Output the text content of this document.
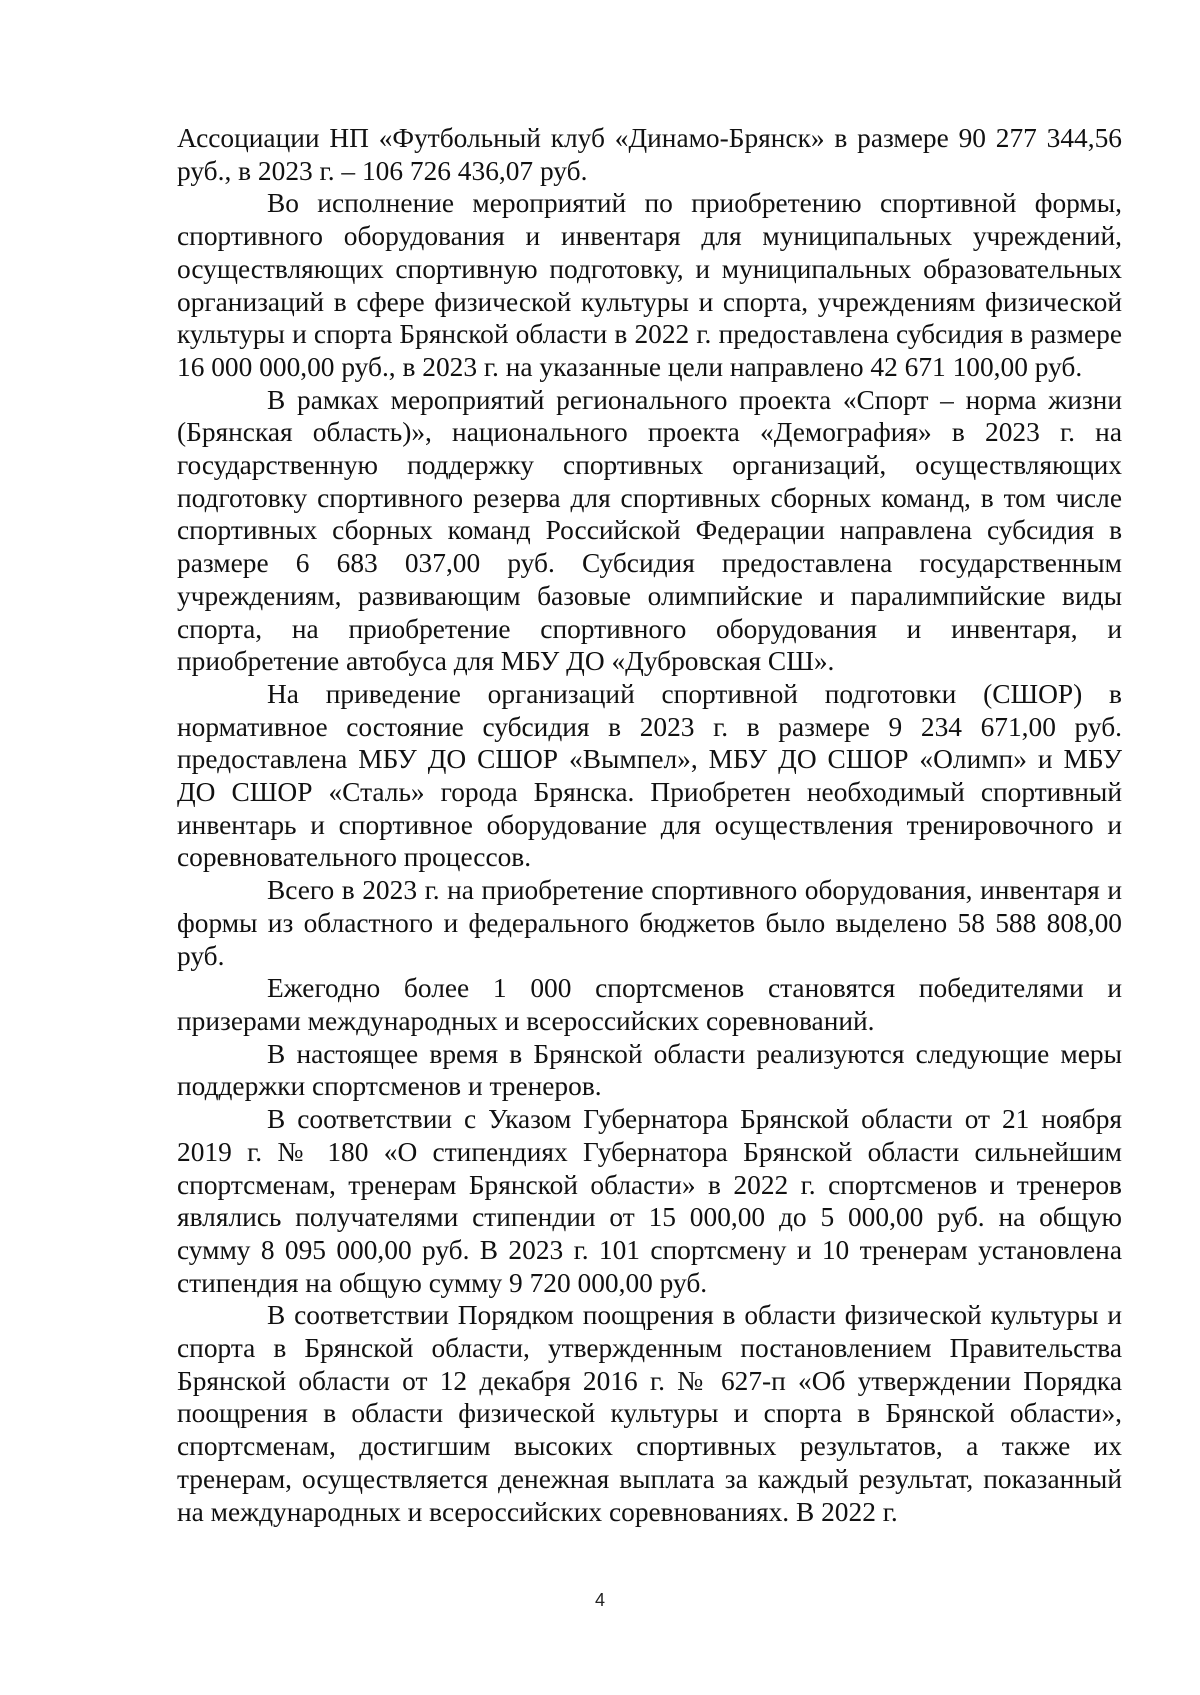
Ассоциации НП «Футбольный клуб «Динамо-Брянск» в размере 90 277 344,56 руб., в 2023 г. – 106 726 436,07 руб.

Во исполнение мероприятий по приобретению спортивной формы, спортивного оборудования и инвентаря для муниципальных учреждений, осуществляющих спортивную подготовку, и муниципальных образовательных организаций в сфере физической культуры и спорта, учреждениям физической культуры и спорта Брянской области в 2022 г. предоставлена субсидия в размере 16 000 000,00 руб., в 2023 г. на указанные цели направлено 42 671 100,00 руб.

В рамках мероприятий регионального проекта «Спорт – норма жизни (Брянская область)», национального проекта «Демография» в 2023 г. на государственную поддержку спортивных организаций, осуществляющих подготовку спортивного резерва для спортивных сборных команд, в том числе спортивных сборных команд Российской Федерации направлена субсидия в размере 6 683 037,00 руб. Субсидия предоставлена государственным учреждениям, развивающим базовые олимпийские и паралимпийские виды спорта, на приобретение спортивного оборудования и инвентаря, и приобретение автобуса для МБУ ДО «Дубровская СШ».

На приведение организаций спортивной подготовки (СШОР) в нормативное состояние субсидия в 2023 г. в размере 9 234 671,00 руб. предоставлена МБУ ДО СШОР «Вымпел», МБУ ДО СШОР «Олимп» и МБУ ДО СШОР «Сталь» города Брянска. Приобретен необходимый спортивный инвентарь и спортивное оборудование для осуществления тренировочного и соревновательного процессов.

Всего в 2023 г. на приобретение спортивного оборудования, инвентаря и формы из областного и федерального бюджетов было выделено 58 588 808,00 руб.

Ежегодно более 1 000 спортсменов становятся победителями и призерами международных и всероссийских соревнований.

В настоящее время в Брянской области реализуются следующие меры поддержки спортсменов и тренеров.

В соответствии с Указом Губернатора Брянской области от 21 ноября 2019 г. № 180 «О стипендиях Губернатора Брянской области сильнейшим спортсменам, тренерам Брянской области» в 2022 г. спортсменов и тренеров являлись получателями стипендии от 15 000,00 до 5 000,00 руб. на общую сумму 8 095 000,00 руб. В 2023 г. 101 спортсмену и 10 тренерам установлена стипендия на общую сумму 9 720 000,00 руб.

В соответствии Порядком поощрения в области физической культуры и спорта в Брянской области, утвержденным постановлением Правительства Брянской области от 12 декабря 2016 г. № 627-п «Об утверждении Порядка поощрения в области физической культуры и спорта в Брянской области», спортсменам, достигшим высоких спортивных результатов, а также их тренерам, осуществляется денежная выплата за каждый результат, показанный на международных и всероссийских соревнованиях. В 2022 г.

4
